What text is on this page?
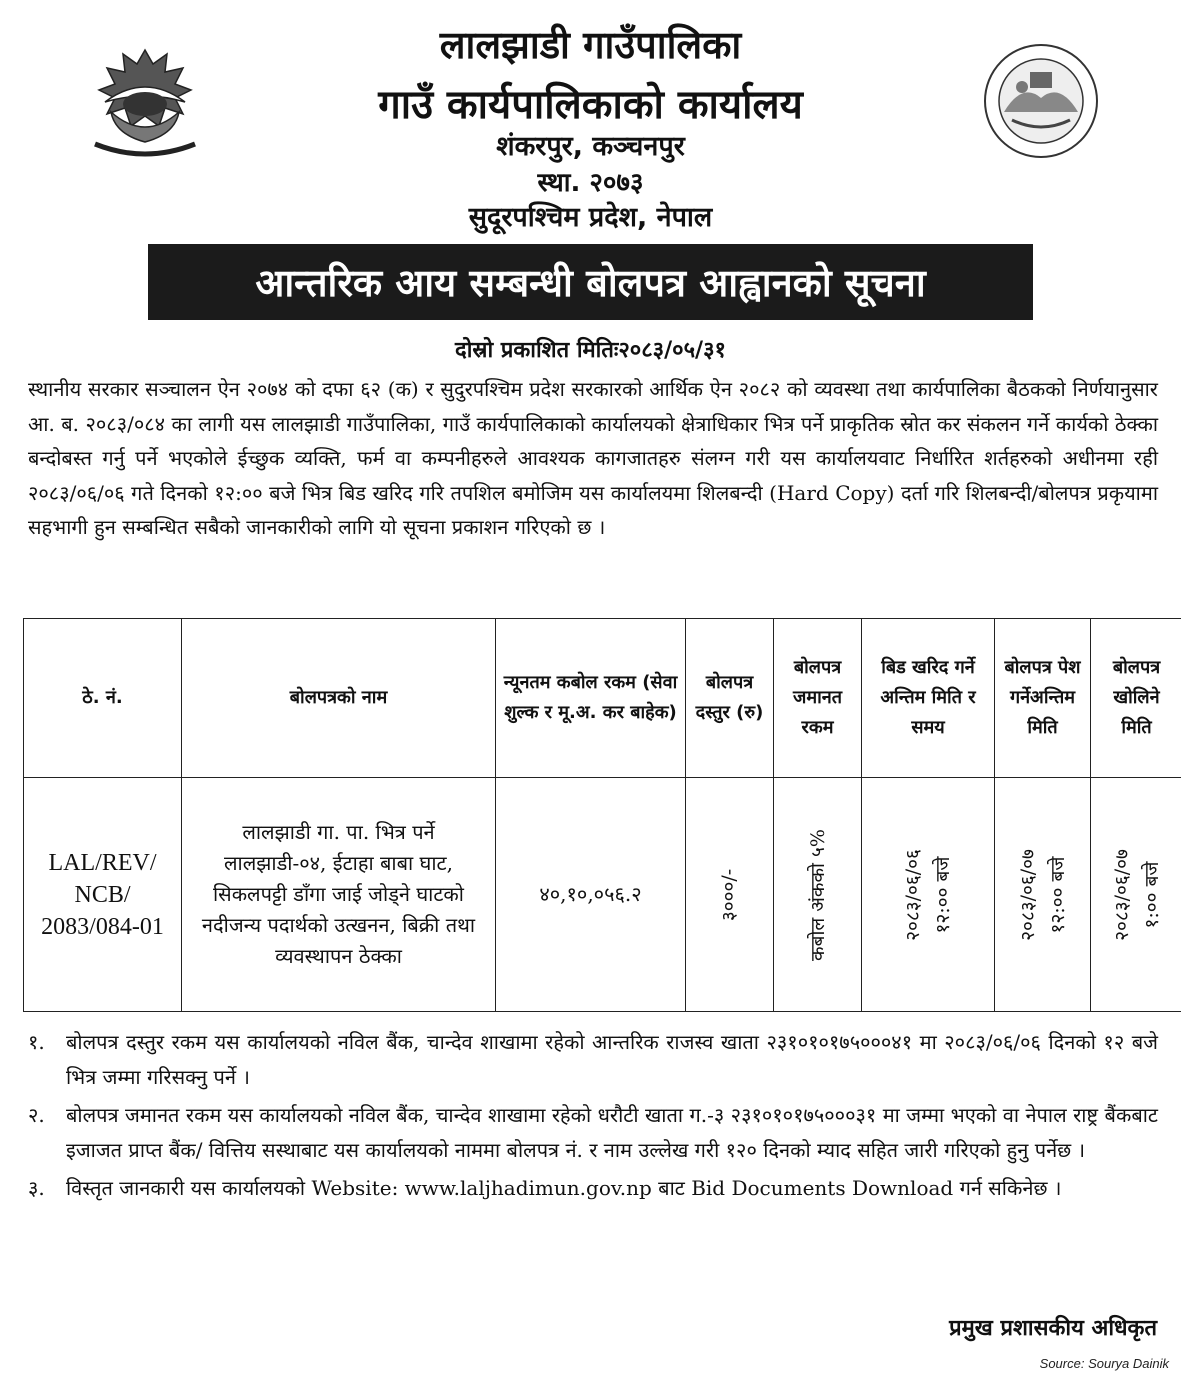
लालझाडी गाउँपालिका
गाउँ कार्यपालिकाको कार्यालय
शंकरपुर, कञ्चनपुर
स्था. २०७३
सुदूरपश्चिम प्रदेश, नेपाल
आन्तरिक आय सम्बन्धी बोलपत्र आह्वानको सूचना
दोस्रो प्रकाशित मितिः२०८३/०५/३१
स्थानीय सरकार सञ्चालन ऐन २०७४ को दफा ६२ (क) र सुदुरपश्चिम प्रदेश सरकारको आर्थिक ऐन २०८२ को व्यवस्था तथा कार्यपालिका बैठकको निर्णयानुसार आ. ब. २०८३/०८४ का लागी यस लालझाडी गाउँपालिका, गाउँ कार्यपालिकाको कार्यालयको क्षेत्राधिकार भित्र पर्ने प्राकृतिक स्रोत कर संकलन गर्ने कार्यको ठेक्का बन्दोबस्त गर्नु पर्ने भएकोले ईच्छुक व्यक्ति, फर्म वा कम्पनीहरुले आवश्यक कागजातहरु संलग्न गरी यस कार्यालयवाट निर्धारित शर्तहरुको अधीनमा रही २०८३/०६/०६ गते दिनको १२:०० बजे भित्र बिड खरिद गरि तपशिल बमोजिम यस कार्यालयमा शिलबन्दी (Hard Copy) दर्ता गरि शिलबन्दी/बोलपत्र प्रकृयामा सहभागी हुन सम्बन्धित सबैको जानकारीको लागि यो सूचना प्रकाशन गरिएको छ ।
ठे. नं.	बोलपत्रको नाम	न्यूनतम कबोल रकम (सेवा शुल्क र मू.अ. कर बाहेक)	बोलपत्र दस्तुर (रु)	बोलपत्र जमानत रकम	बिड खरिद गर्ने अन्तिम मिति र समय	बोलपत्र पेश गर्नेअन्तिम मिति	बोलपत्र खोलिने मिति
LAL/REV/ NCB/ 2083/084-01	लालझाडी गा. पा. भित्र पर्ने लालझाडी-०४, ईटाहा बाबा घाट, सिकलपट्टी डाँगा जाई जोड्ने घाटको नदीजन्य पदार्थको उत्खनन, बिक्री तथा व्यवस्थापन ठेक्का	४०,१०,०५६.२	३०००/-	कबोल अंकको ५%	२०८३/०६/०६ १२:०० बजे	२०८३/०६/०७ १२:०० बजे	२०८३/०६/०७ १:०० बजे
१.	बोलपत्र दस्तुर रकम यस कार्यालयको नविल बैंक, चान्देव शाखामा रहेको आन्तरिक राजस्व खाता २३१०१०१७५०००४१ मा २०८३/०६/०६ दिनको १२ बजे भित्र जम्मा गरिसक्नु पर्ने ।
२.	बोलपत्र जमानत रकम यस कार्यालयको नविल बैंक, चान्देव शाखामा रहेको धरौटी खाता ग.-३ २३१०१०१७५०००३१ मा जम्मा भएको वा नेपाल राष्ट्र बैंकबाट इजाजत प्राप्त बैंक/ वित्तिय सस्थाबाट यस कार्यालयको नाममा बोलपत्र नं. र नाम उल्लेख गरी १२० दिनको म्याद सहित जारी गरिएको हुनु पर्नेछ ।
३.	विस्तृत जानकारी यस कार्यालयको Website: www.laljhadimun.gov.np बाट Bid Documents Download गर्न सकिनेछ ।
प्रमुख प्रशासकीय अधिकृत
Source: Sourya Dainik
